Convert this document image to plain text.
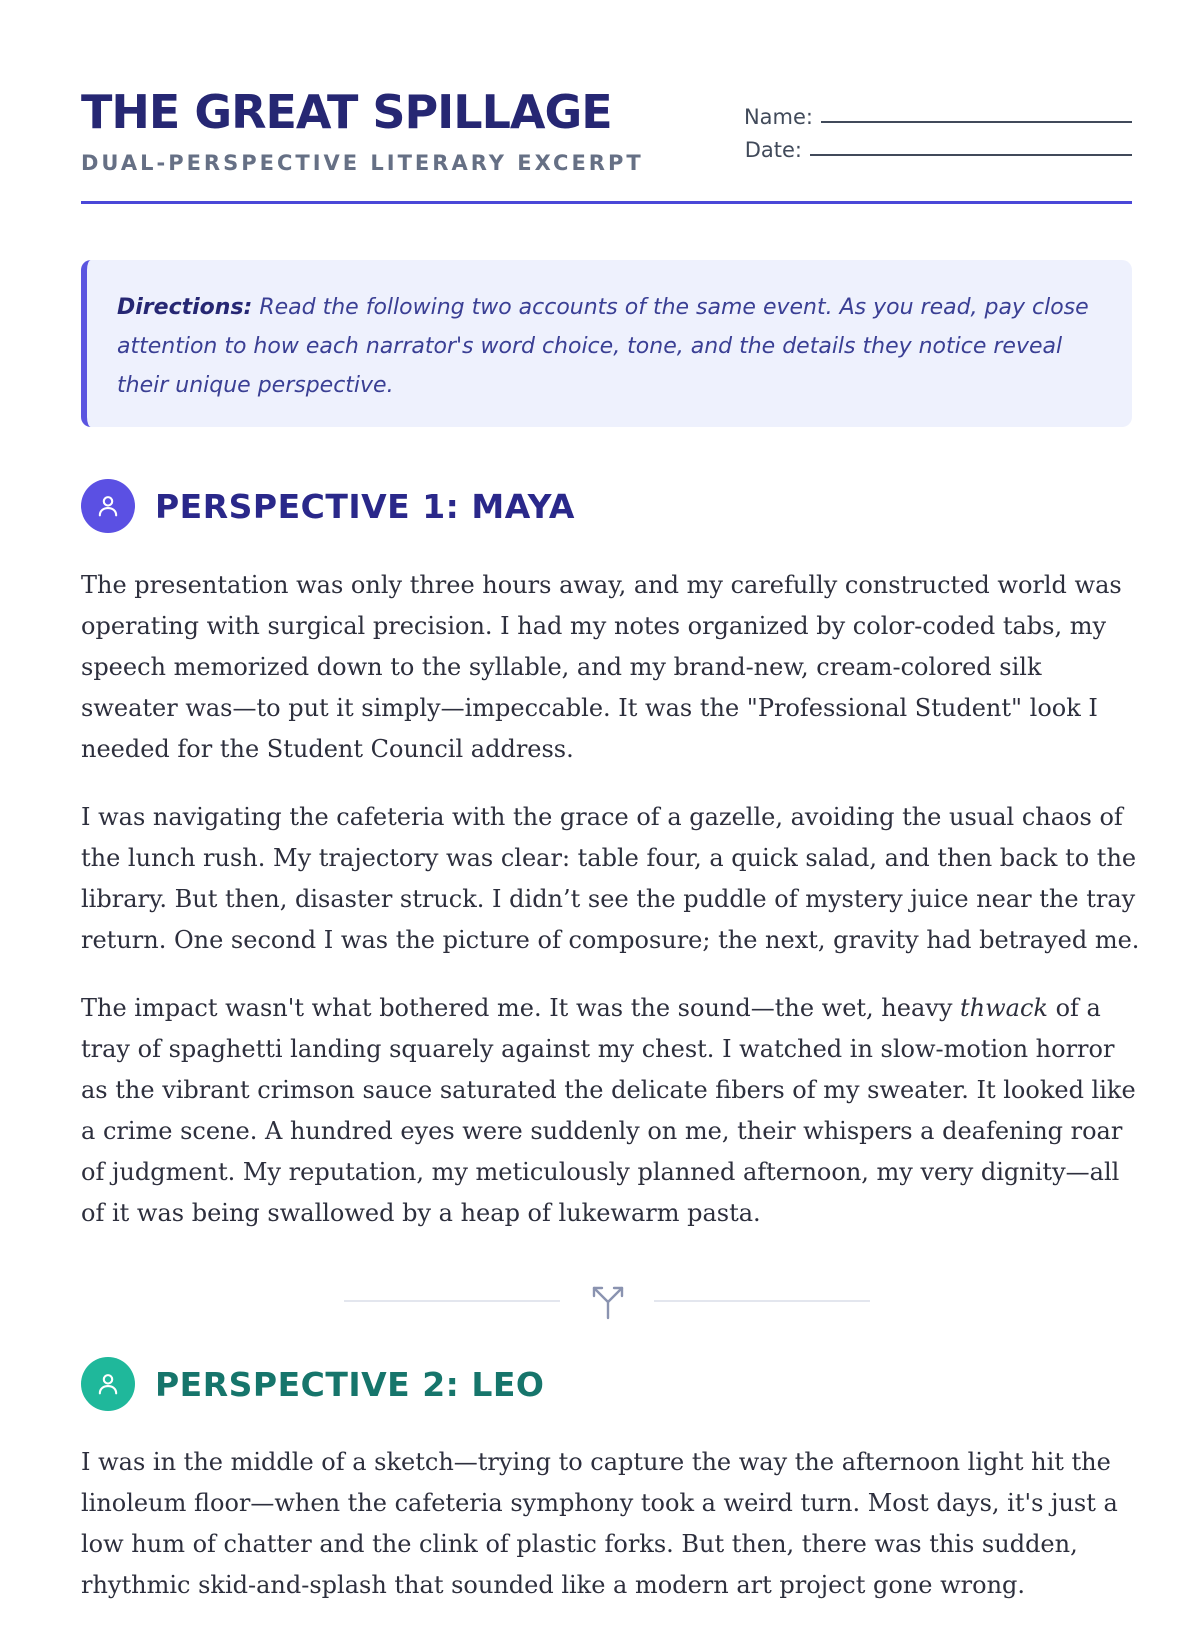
THE GREAT SPILLAGE
DUAL-PERSPECTIVE LITERARY EXCERPT
Name:
Date:
Directions: Read the following two accounts of the same event. As you read, pay close attention to how each narrator's word choice, tone, and the details they notice reveal their unique perspective.
PERSPECTIVE 1: MAYA

The presentation was only three hours away, and my carefully constructed world was operating with surgical precision. I had my notes organized by color-coded tabs, my speech memorized down to the syllable, and my brand-new, cream-colored silk sweater was—to put it simply—impeccable. It was the "Professional Student" look I needed for the Student Council address.

I was navigating the cafeteria with the grace of a gazelle, avoiding the usual chaos of the lunch rush. My trajectory was clear: table four, a quick salad, and then back to the library. But then, disaster struck. I didn’t see the puddle of mystery juice near the tray return. One second I was the picture of composure; the next, gravity had betrayed me.

The impact wasn't what bothered me. It was the sound—the wet, heavy thwack of a tray of spaghetti landing squarely against my chest. I watched in slow-motion horror as the vibrant crimson sauce saturated the delicate fibers of my sweater. It looked like a crime scene. A hundred eyes were suddenly on me, their whispers a deafening roar of judgment. My reputation, my meticulously planned afternoon, my very dignity—all of it was being swallowed by a heap of lukewarm pasta.

PERSPECTIVE 2: LEO

I was in the middle of a sketch—trying to capture the way the afternoon light hit the linoleum floor—when the cafeteria symphony took a weird turn. Most days, it's just a low hum of chatter and the clink of plastic forks. But then, there was this sudden, rhythmic skid-and-splash that sounded like a modern art project gone wrong.
